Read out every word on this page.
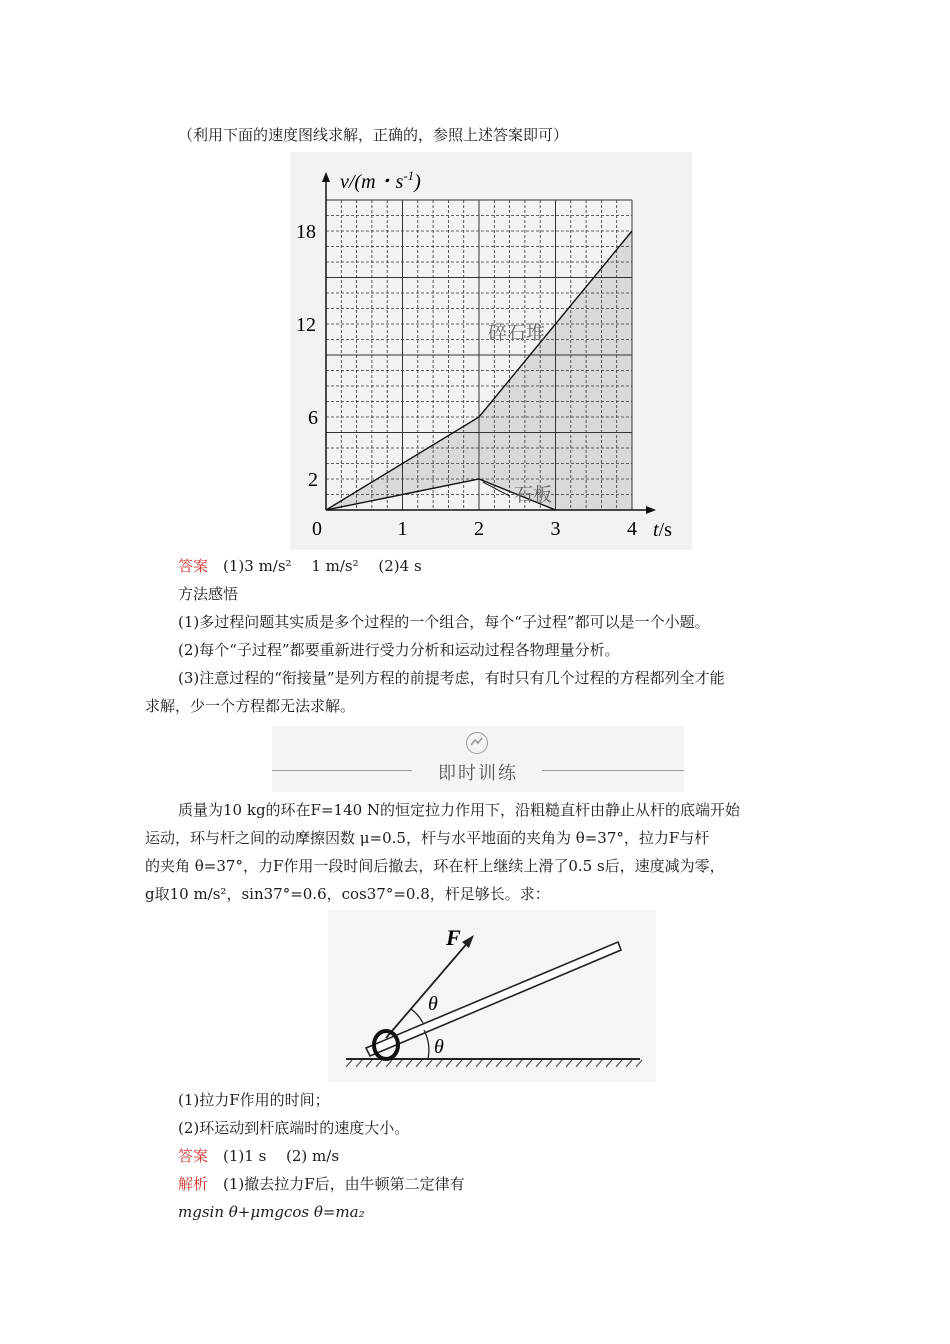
（利用下面的速度图线求解，正确的，参照上述答案即可）
0	1	2	3	4
2
6
12
18
v/(m・$s^{-1}$)
t/s
碎石堆
石板
答案　(1)3 m/s² 　1 m/s² 　(2)4 s
方法感悟
(1)多过程问题其实质是多个过程的一个组合，每个“子过程”都可以是一个小题。
(2)每个“子过程”都要重新进行受力分析和运动过程各物理量分析。
(3)注意过程的“衔接量”是列方程的前提考虑，有时只有几个过程的方程都列全才能
求解，少一个方程都无法求解。
即时训练
质量为10 kg的环在F=140 N的恒定拉力作用下，沿粗糙直杆由静止从杆的底端开始
运动，环与杆之间的动摩擦因数 μ=0.5，杆与水平地面的夹角为 θ=37°，拉力F与杆
的夹角 θ=37°，力F作用一段时间后撤去，环在杆上继续上滑了0.5 s后，速度减为零，
g取10 m/s²，sin37°=0.6，cos37°=0.8，杆足够长。求：
F
θ
θ
(1)拉力F作用的时间；
(2)环运动到杆底端时的速度大小。
答案　(1)1 s 　(2) m/s
解析　(1)撤去拉力F后，由牛顿第二定律有
mgsin θ+μmgcos θ=ma₂
